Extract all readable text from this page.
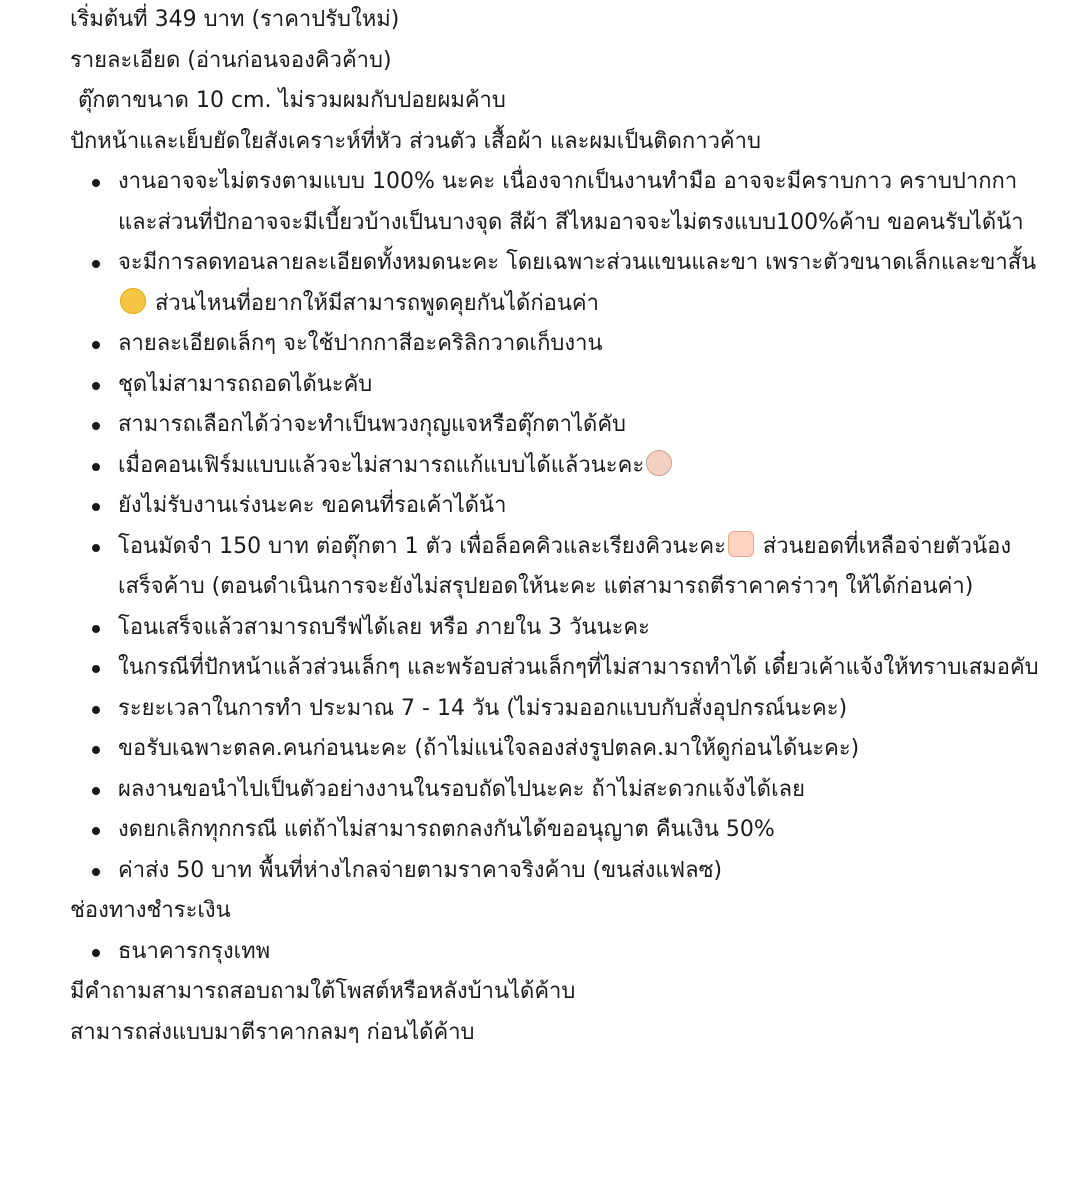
เริ่มต้นที่ 349 บาท (ราคาปรับใหม่)

รายละเอียด (อ่านก่อนจองคิวค้าบ)

ตุ๊กตาขนาด 10 cm. ไม่รวมผมกับปอยผมค้าบ

ปักหน้าและเย็บยัดใยสังเคราะห์ที่หัว ส่วนตัว เสื้อผ้า และผมเป็นติดกาวค้าบ

งานอาจจะไม่ตรงตามแบบ 100% นะคะ เนื่องจากเป็นงานทำมือ อาจจะมีคราบกาว คราบปากกา และส่วนที่ปักอาจจะมีเบี้ยวบ้างเป็นบางจุด สีผ้า สีไหมอาจจะไม่ตรงแบบ100%ค้าบ ขอคนรับได้น้า
จะมีการลดทอนลายละเอียดทั้งหมดนะคะ โดยเฉพาะส่วนแขนและขา เพราะตัวขนาดเล็กและขาสั้น ส่วนไหนที่อยากให้มีสามารถพูดคุยกันได้ก่อนค่า
ลายละเอียดเล็กๆ จะใช้ปากกาสีอะคริลิกวาดเก็บงาน
ชุดไม่สามารถถอดได้นะคับ
สามารถเลือกได้ว่าจะทำเป็นพวงกุญแจหรือตุ๊กตาได้คับ
เมื่อคอนเฟิร์มแบบแล้วจะไม่สามารถแก้แบบได้แล้วนะคะ
ยังไม่รับงานเร่งนะคะ ขอคนที่รอเค้าได้น้า
โอนมัดจำ 150 บาท ต่อตุ๊กตา 1 ตัว เพื่อล็อคคิวและเรียงคิวนะคะ ส่วนยอดที่เหลือจ่ายตัวน้องเสร็จค้าบ (ตอนดำเนินการจะยังไม่สรุปยอดให้นะคะ แต่สามารถตีราคาคร่าวๆ ให้ได้ก่อนค่า)
โอนเสร็จแล้วสามารถบรีฟได้เลย หรือ ภายใน 3 วันนะคะ
ในกรณีที่ปักหน้าแล้วส่วนเล็กๆ และพร้อบส่วนเล็กๆที่ไม่สามารถทำได้ เดี๋ยวเค้าแจ้งให้ทราบเสมอคับ
ระยะเวลาในการทำ ประมาณ 7 - 14 วัน (ไม่รวมออกแบบกับสั่งอุปกรณ์นะคะ)
ขอรับเฉพาะตลค.คนก่อนนะคะ (ถ้าไม่แน่ใจลองส่งรูปตลค.มาให้ดูก่อนได้นะคะ)
ผลงานขอนำไปเป็นตัวอย่างงานในรอบถัดไปนะคะ ถ้าไม่สะดวกแจ้งได้เลย
งดยกเลิกทุกกรณี แต่ถ้าไม่สามารถตกลงกันได้ขออนุญาต คืนเงิน 50%
ค่าส่ง 50 บาท พื้นที่ห่างไกลจ่ายตามราคาจริงค้าบ (ขนส่งแฟลซ)

ช่องทางชำระเงิน

ธนาคารกรุงเทพ

มีคำถามสามารถสอบถามใต้โพสต์หรือหลังบ้านได้ค้าบ

สามารถส่งแบบมาตีราคากลมๆ ก่อนได้ค้าบ
